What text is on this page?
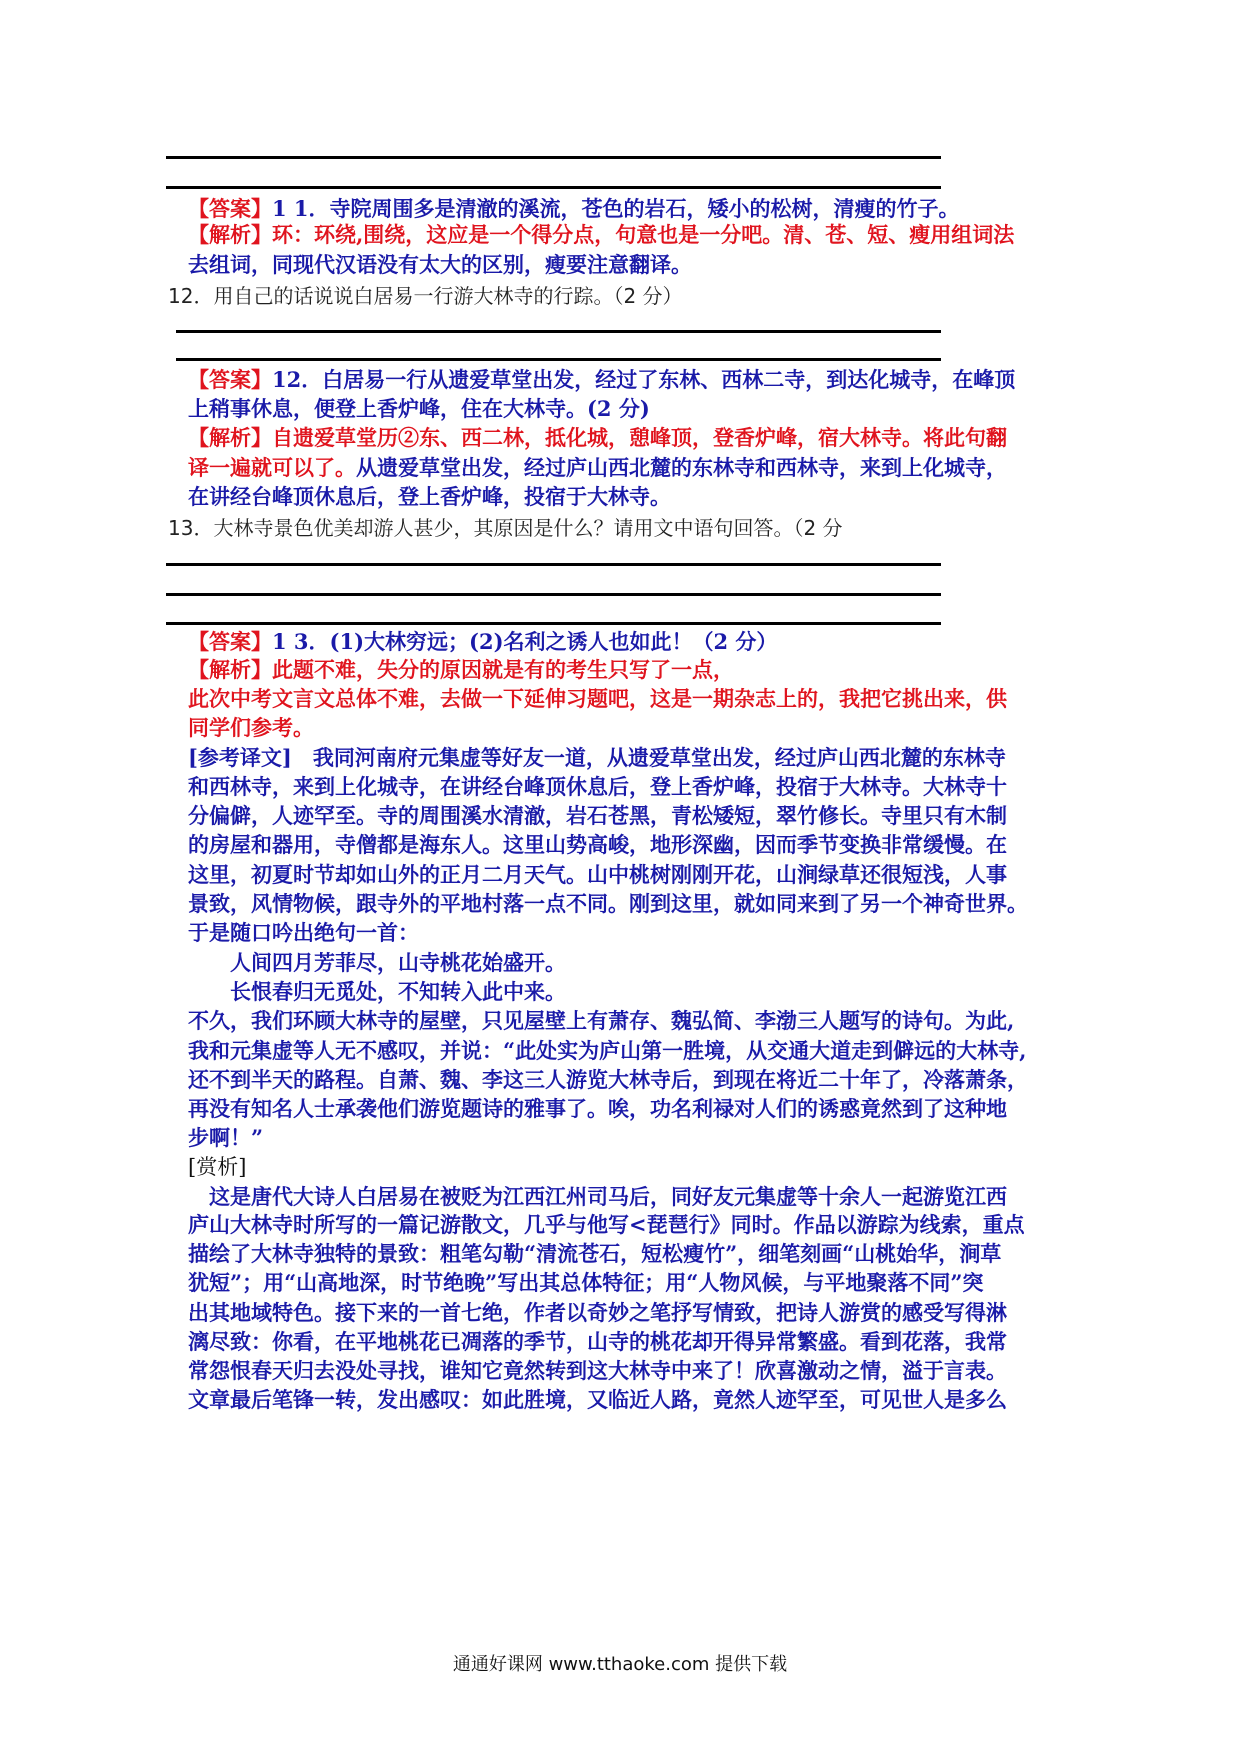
【答案】1 1．寺院周围多是清澈的溪流，苍色的岩石，矮小的松树，清瘦的竹子。
【解析】环：环绕,围绕，这应是一个得分点，句意也是一分吧。清、苍、短、瘦用组词法
去组词，同现代汉语没有太大的区别，瘦要注意翻译。
12．用自己的话说说白居易一行游大林寺的行踪。（2 分）
【答案】12．白居易一行从遗爱草堂出发，经过了东林、西林二寺，到达化城寺，在峰顶
上稍事休息，便登上香炉峰，住在大林寺。(2 分)
【解析】自遗爱草堂历②东、西二林，抵化城，憩峰顶，登香炉峰，宿大林寺。将此句翻
译一遍就可以了。从遗爱草堂出发，经过庐山西北麓的东林寺和西林寺，来到上化城寺，
在讲经台峰顶休息后，登上香炉峰，投宿于大林寺。
13．大林寺景色优美却游人甚少，其原因是什么？请用文中语句回答。（2 分
【答案】1 3．(1)大林穷远；(2)名利之诱人也如此！（2 分）
【解析】此题不难，失分的原因就是有的考生只写了一点，
此次中考文言文总体不难，去做一下延伸习题吧，这是一期杂志上的，我把它挑出来，供
同学们参考。
[参考译文]　我同河南府元集虚等好友一道，从遗爱草堂出发，经过庐山西北麓的东林寺
和西林寺，来到上化城寺，在讲经台峰顶休息后，登上香炉峰，投宿于大林寺。大林寺十
分偏僻，人迹罕至。寺的周围溪水清澈，岩石苍黑，青松矮短，翠竹修长。寺里只有木制
的房屋和器用，寺僧都是海东人。这里山势高峻，地形深幽，因而季节变换非常缓慢。在
这里，初夏时节却如山外的正月二月天气。山中桃树刚刚开花，山涧绿草还很短浅，人事
景致，风情物候，跟寺外的平地村落一点不同。刚到这里，就如同来到了另一个神奇世界。
于是随口吟出绝句一首：
　　人间四月芳菲尽，山寺桃花始盛开。
　　长恨春归无觅处，不知转入此中来。
不久，我们环顾大林寺的屋壁，只见屋壁上有萧存、魏弘简、李渤三人题写的诗句。为此,
我和元集虚等人无不感叹，并说：“此处实为庐山第一胜境，从交通大道走到僻远的大林寺,
还不到半天的路程。自萧、魏、李这三人游览大林寺后，到现在将近二十年了，冷落萧条，
再没有知名人士承袭他们游览题诗的雅事了。唉，功名利禄对人们的诱惑竟然到了这种地
步啊！”
[赏析]
　这是唐代大诗人白居易在被贬为江西江州司马后，同好友元集虚等十余人一起游览江西
庐山大林寺时所写的一篇记游散文，几乎与他写<琵琶行》同时。作品以游踪为线索，重点
描绘了大林寺独特的景致：粗笔勾勒“清流苍石，短松瘦竹”，细笔刻画“山桃始华，涧草
犹短”；用“山高地深，时节绝晚”写出其总体特征；用“人物风候，与平地聚落不同”突
出其地域特色。接下来的一首七绝，作者以奇妙之笔抒写情致，把诗人游赏的感受写得淋
漓尽致：你看，在平地桃花已凋落的季节，山寺的桃花却开得异常繁盛。看到花落，我常
常怨恨春天归去没处寻找，谁知它竟然转到这大林寺中来了！欣喜激动之情，溢于言表。
文章最后笔锋一转，发出感叹：如此胜境，又临近人路，竟然人迹罕至，可见世人是多么
通通好课网 www.tthaoke.com 提供下载
